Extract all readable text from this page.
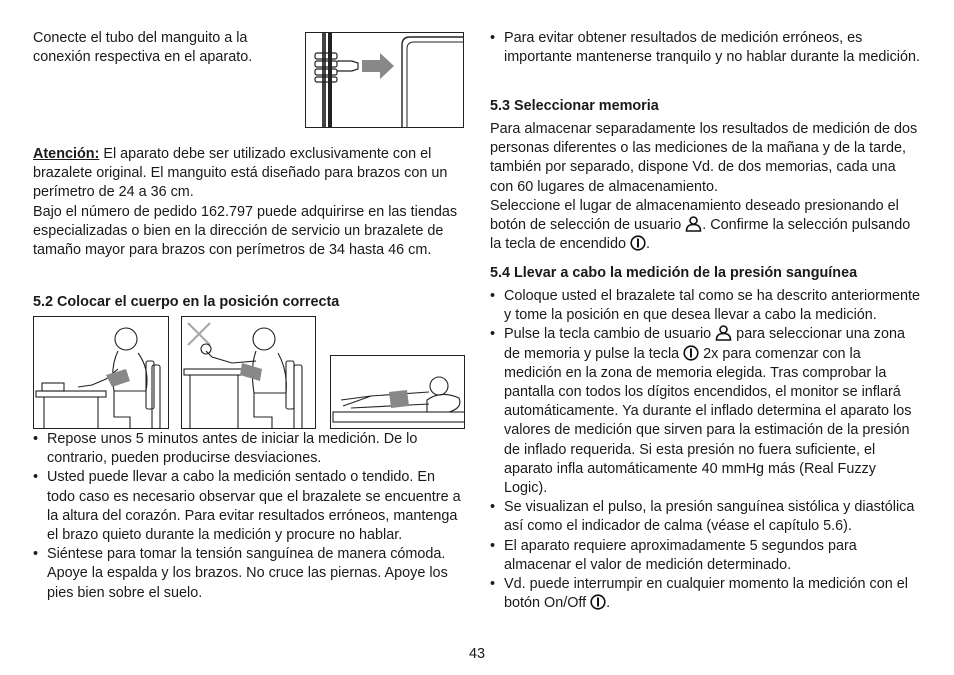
Conecte el tubo del manguito a la conexión respectiva en el aparato.

Atención: El aparato debe ser utilizado exclusivamente con el brazalete original. El manguito está diseñado para brazos con un perímetro de 24 a 36 cm.

Bajo el número de pedido 162.797 puede adquirirse en las tiendas especializadas o bien en la dirección de servicio un brazalete de tamaño mayor para brazos con perímetros de 34 hasta 46 cm.

5.2 Colocar el cuerpo en la posición correcta

• Repose unos 5 minutos antes de iniciar la medición. De lo contrario, pueden producirse desviaciones.
• Usted puede llevar a cabo la medición sentado o tendido. En todo caso es necesario observar que el brazalete se encuentre a la altura del corazón. Para evitar resultados erróneos, mantenga el brazo quieto durante la medición y procure no hablar.
• Siéntese para tomar la tensión sanguínea de manera cómoda. Apoye la espalda y los brazos. No cruce las piernas. Apoye los pies bien sobre el suelo.
• Para evitar obtener resultados de medición erróneos, es importante mantenerse tranquilo y no hablar durante la medición.

5.3 Seleccionar memoria

Para almacenar separadamente los resultados de medición de dos personas diferentes o las mediciones de la mañana y de la tarde, también por separado, dispone Vd. de dos memorias, cada una con 60 lugares de almacenamiento.

Seleccione el lugar de almacenamiento deseado presionando el botón de selección de usuario . Confirme la selección pulsando la tecla de encendido .

5.4 Llevar a cabo la medición de la presión sanguínea

• Coloque usted el brazalete tal como se ha descrito anteriormente y tome la posición en que desea llevar a cabo la medición.
• Pulse la tecla cambio de usuario  para seleccionar una zona de memoria y pulse la tecla  2x para comenzar con la medición en la zona de memoria elegida. Tras comprobar la pantalla con todos los dígitos encendidos, el monitor se inflará automáticamente. Ya durante el inflado determina el aparato los valores de medición que sirven para la estimación de la presión de inflado requerida. Si esta presión no fuera suficiente, el aparato infla automáticamente 40 mmHg más (Real Fuzzy Logic).
• Se visualizan el pulso, la presión sanguínea sistólica y diastólica así como el indicador de calma (véase el capítulo 5.6).
• El aparato requiere aproximadamente 5 segundos para almacenar el valor de medición determinado.
• Vd. puede interrumpir en cualquier momento la medición con el botón On/Off .
43
